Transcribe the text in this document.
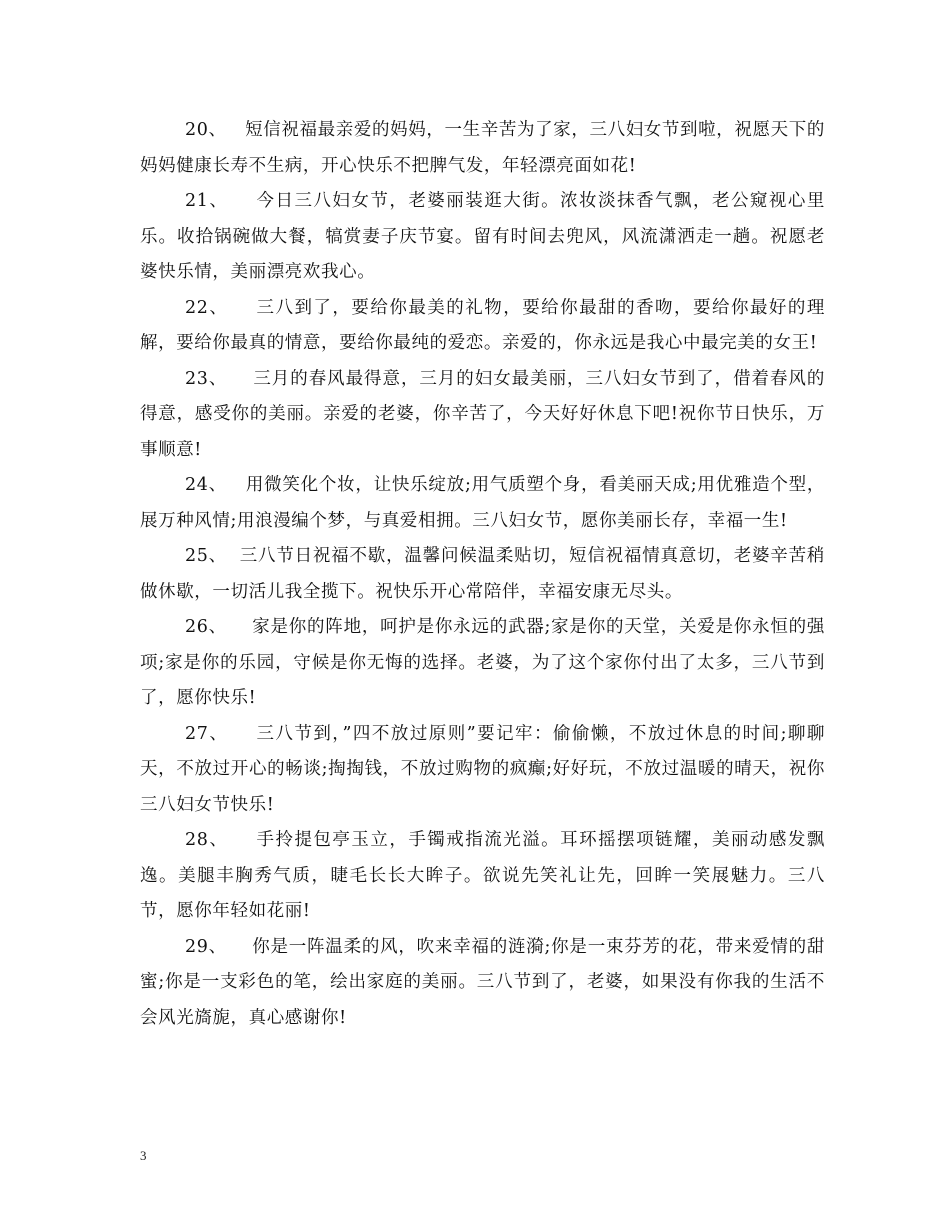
20、 短信祝福最亲爱的妈妈，一生辛苦为了家，三八妇女节到啦，祝愿天下的妈妈健康长寿不生病，开心快乐不把脾气发，年轻漂亮面如花!

21、 今日三八妇女节，老婆丽装逛大街。浓妆淡抹香气飘，老公窥视心里乐。收拾锅碗做大餐，犒赏妻子庆节宴。留有时间去兜风，风流潇洒走一趟。祝愿老婆快乐情，美丽漂亮欢我心。

22、 三八到了，要给你最美的礼物，要给你最甜的香吻，要给你最好的理解，要给你最真的情意，要给你最纯的爱恋。亲爱的，你永远是我心中最完美的女王!

23、 三月的春风最得意，三月的妇女最美丽，三八妇女节到了，借着春风的得意，感受你的美丽。亲爱的老婆，你辛苦了，今天好好休息下吧!祝你节日快乐，万事顺意!

24、 用微笑化个妆，让快乐绽放;用气质塑个身，看美丽天成;用优雅造个型，展万种风情;用浪漫编个梦，与真爱相拥。三八妇女节，愿你美丽长存，幸福一生!

25、 三八节日祝福不歇，温馨问候温柔贴切，短信祝福情真意切，老婆辛苦稍做休歇，一切活儿我全揽下。祝快乐开心常陪伴，幸福安康无尽头。

26、 家是你的阵地，呵护是你永远的武器;家是你的天堂，关爱是你永恒的强项;家是你的乐园，守候是你无悔的选择。老婆，为了这个家你付出了太多，三八节到了，愿你快乐!

27、 三八节到，”四不放过原则”要记牢：偷偷懒，不放过休息的时间;聊聊天，不放过开心的畅谈;掏掏钱，不放过购物的疯癫;好好玩，不放过温暖的晴天，祝你三八妇女节快乐!

28、 手拎提包亭玉立，手镯戒指流光溢。耳环摇摆项链耀，美丽动感发飘逸。美腿丰胸秀气质，睫毛长长大眸子。欲说先笑礼让先，回眸一笑展魅力。三八节，愿你年轻如花丽!

29、 你是一阵温柔的风，吹来幸福的涟漪;你是一束芬芳的花，带来爱情的甜蜜;你是一支彩色的笔，绘出家庭的美丽。三八节到了，老婆，如果没有你我的生活不会风光旖旎，真心感谢你!

3
